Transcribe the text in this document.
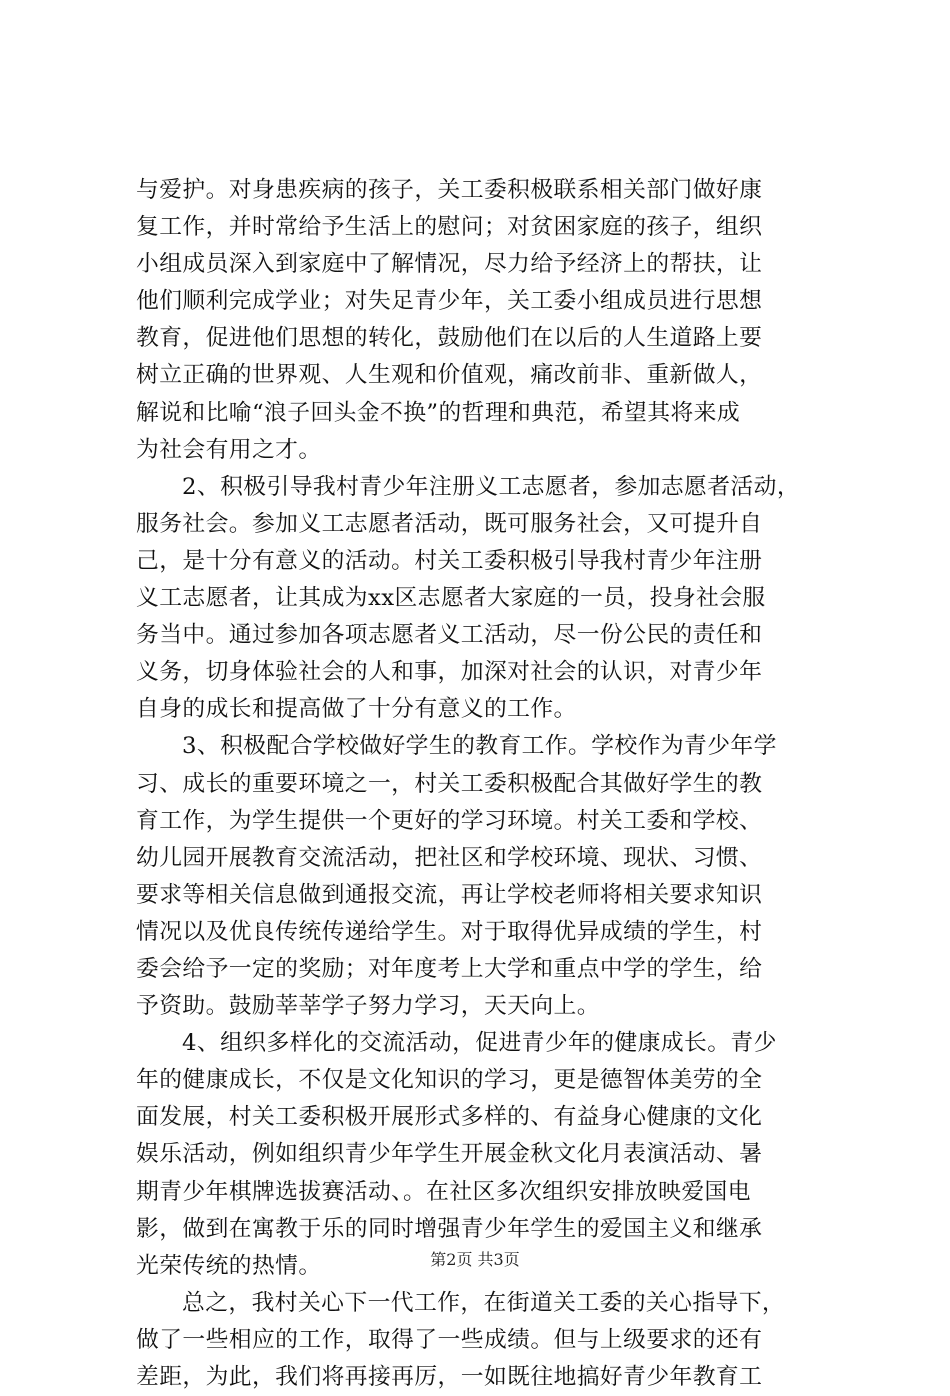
与爱护。对身患疾病的孩子，关工委积极联系相关部门做好康
复工作，并时常给予生活上的慰问；对贫困家庭的孩子，组织
小组成员深入到家庭中了解情况，尽力给予经济上的帮扶，让
他们顺利完成学业；对失足青少年，关工委小组成员进行思想
教育，促进他们思想的转化，鼓励他们在以后的人生道路上要
树立正确的世界观、人生观和价值观，痛改前非、重新做人，
解说和比喻“浪子回头金不换”的哲理和典范，希望其将来成
为社会有用之才。
2、积极引导我村青少年注册义工志愿者，参加志愿者活动，
服务社会。参加义工志愿者活动，既可服务社会，又可提升自
己，是十分有意义的活动。村关工委积极引导我村青少年注册
义工志愿者，让其成为xx区志愿者大家庭的一员，投身社会服
务当中。通过参加各项志愿者义工活动，尽一份公民的责任和
义务，切身体验社会的人和事，加深对社会的认识，对青少年
自身的成长和提高做了十分有意义的工作。
3、积极配合学校做好学生的教育工作。学校作为青少年学
习、成长的重要环境之一，村关工委积极配合其做好学生的教
育工作，为学生提供一个更好的学习环境。村关工委和学校、
幼儿园开展教育交流活动，把社区和学校环境、现状、习惯、
要求等相关信息做到通报交流，再让学校老师将相关要求知识
情况以及优良传统传递给学生。对于取得优异成绩的学生，村
委会给予一定的奖励；对年度考上大学和重点中学的学生，给
予资助。鼓励莘莘学子努力学习，天天向上。
4、组织多样化的交流活动，促进青少年的健康成长。青少
年的健康成长，不仅是文化知识的学习，更是德智体美劳的全
面发展，村关工委积极开展形式多样的、有益身心健康的文化
娱乐活动，例如组织青少年学生开展金秋文化月表演活动、暑
期青少年棋牌选拔赛活动、。在社区多次组织安排放映爱国电
影，做到在寓教于乐的同时增强青少年学生的爱国主义和继承
光荣传统的热情。
总之，我村关心下一代工作，在街道关工委的关心指导下，
做了一些相应的工作，取得了一些成绩。但与上级要求的还有
差距，为此，我们将再接再厉，一如既往地搞好青少年教育工
第2页 共3页
